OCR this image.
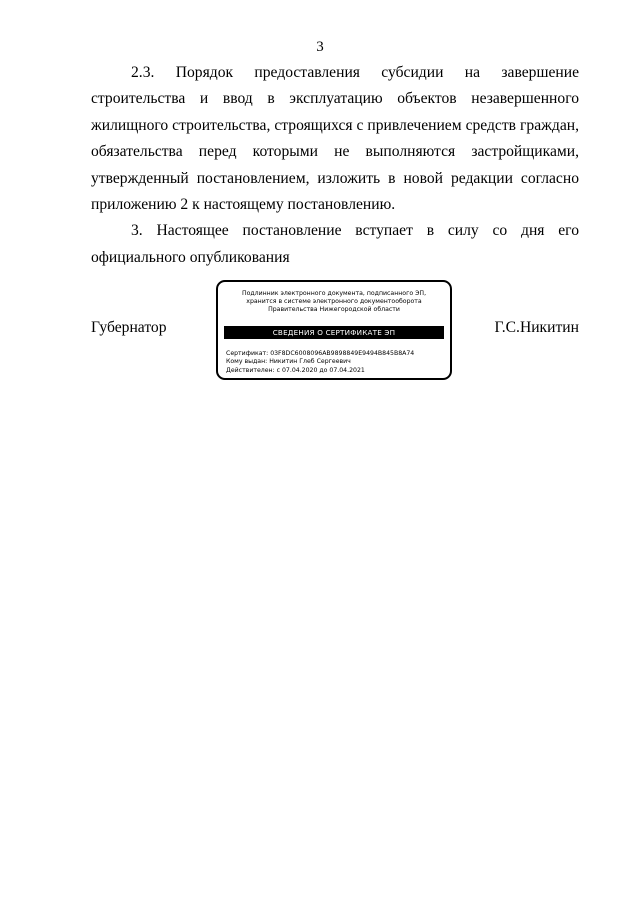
3

2.3. Порядок предоставления субсидии на завершение строительства и ввод в эксплуатацию объектов незавершенного жилищного строительства, строящихся с привлечением средств граждан, обязательства перед которыми не выполняются застройщиками, утвержденный постановлением, изложить в новой редакции согласно приложению 2 к настоящему постановлению.

3. Настоящее постановление вступает в силу со дня его официального опубликования

Губернатор
Подлинник электронного документа, подписанного ЭП,
хранится в системе электронного документооборота
Правительства Нижегородской области
СВЕДЕНИЯ О СЕРТИФИКАТЕ ЭП
Сертификат: 03F8DC6008096AB9898849E9494B845B8A74
Кому выдан: Никитин Глеб Сергеевич
Действителен: с 07.04.2020 до 07.04.2021
Г.С.Никитин
